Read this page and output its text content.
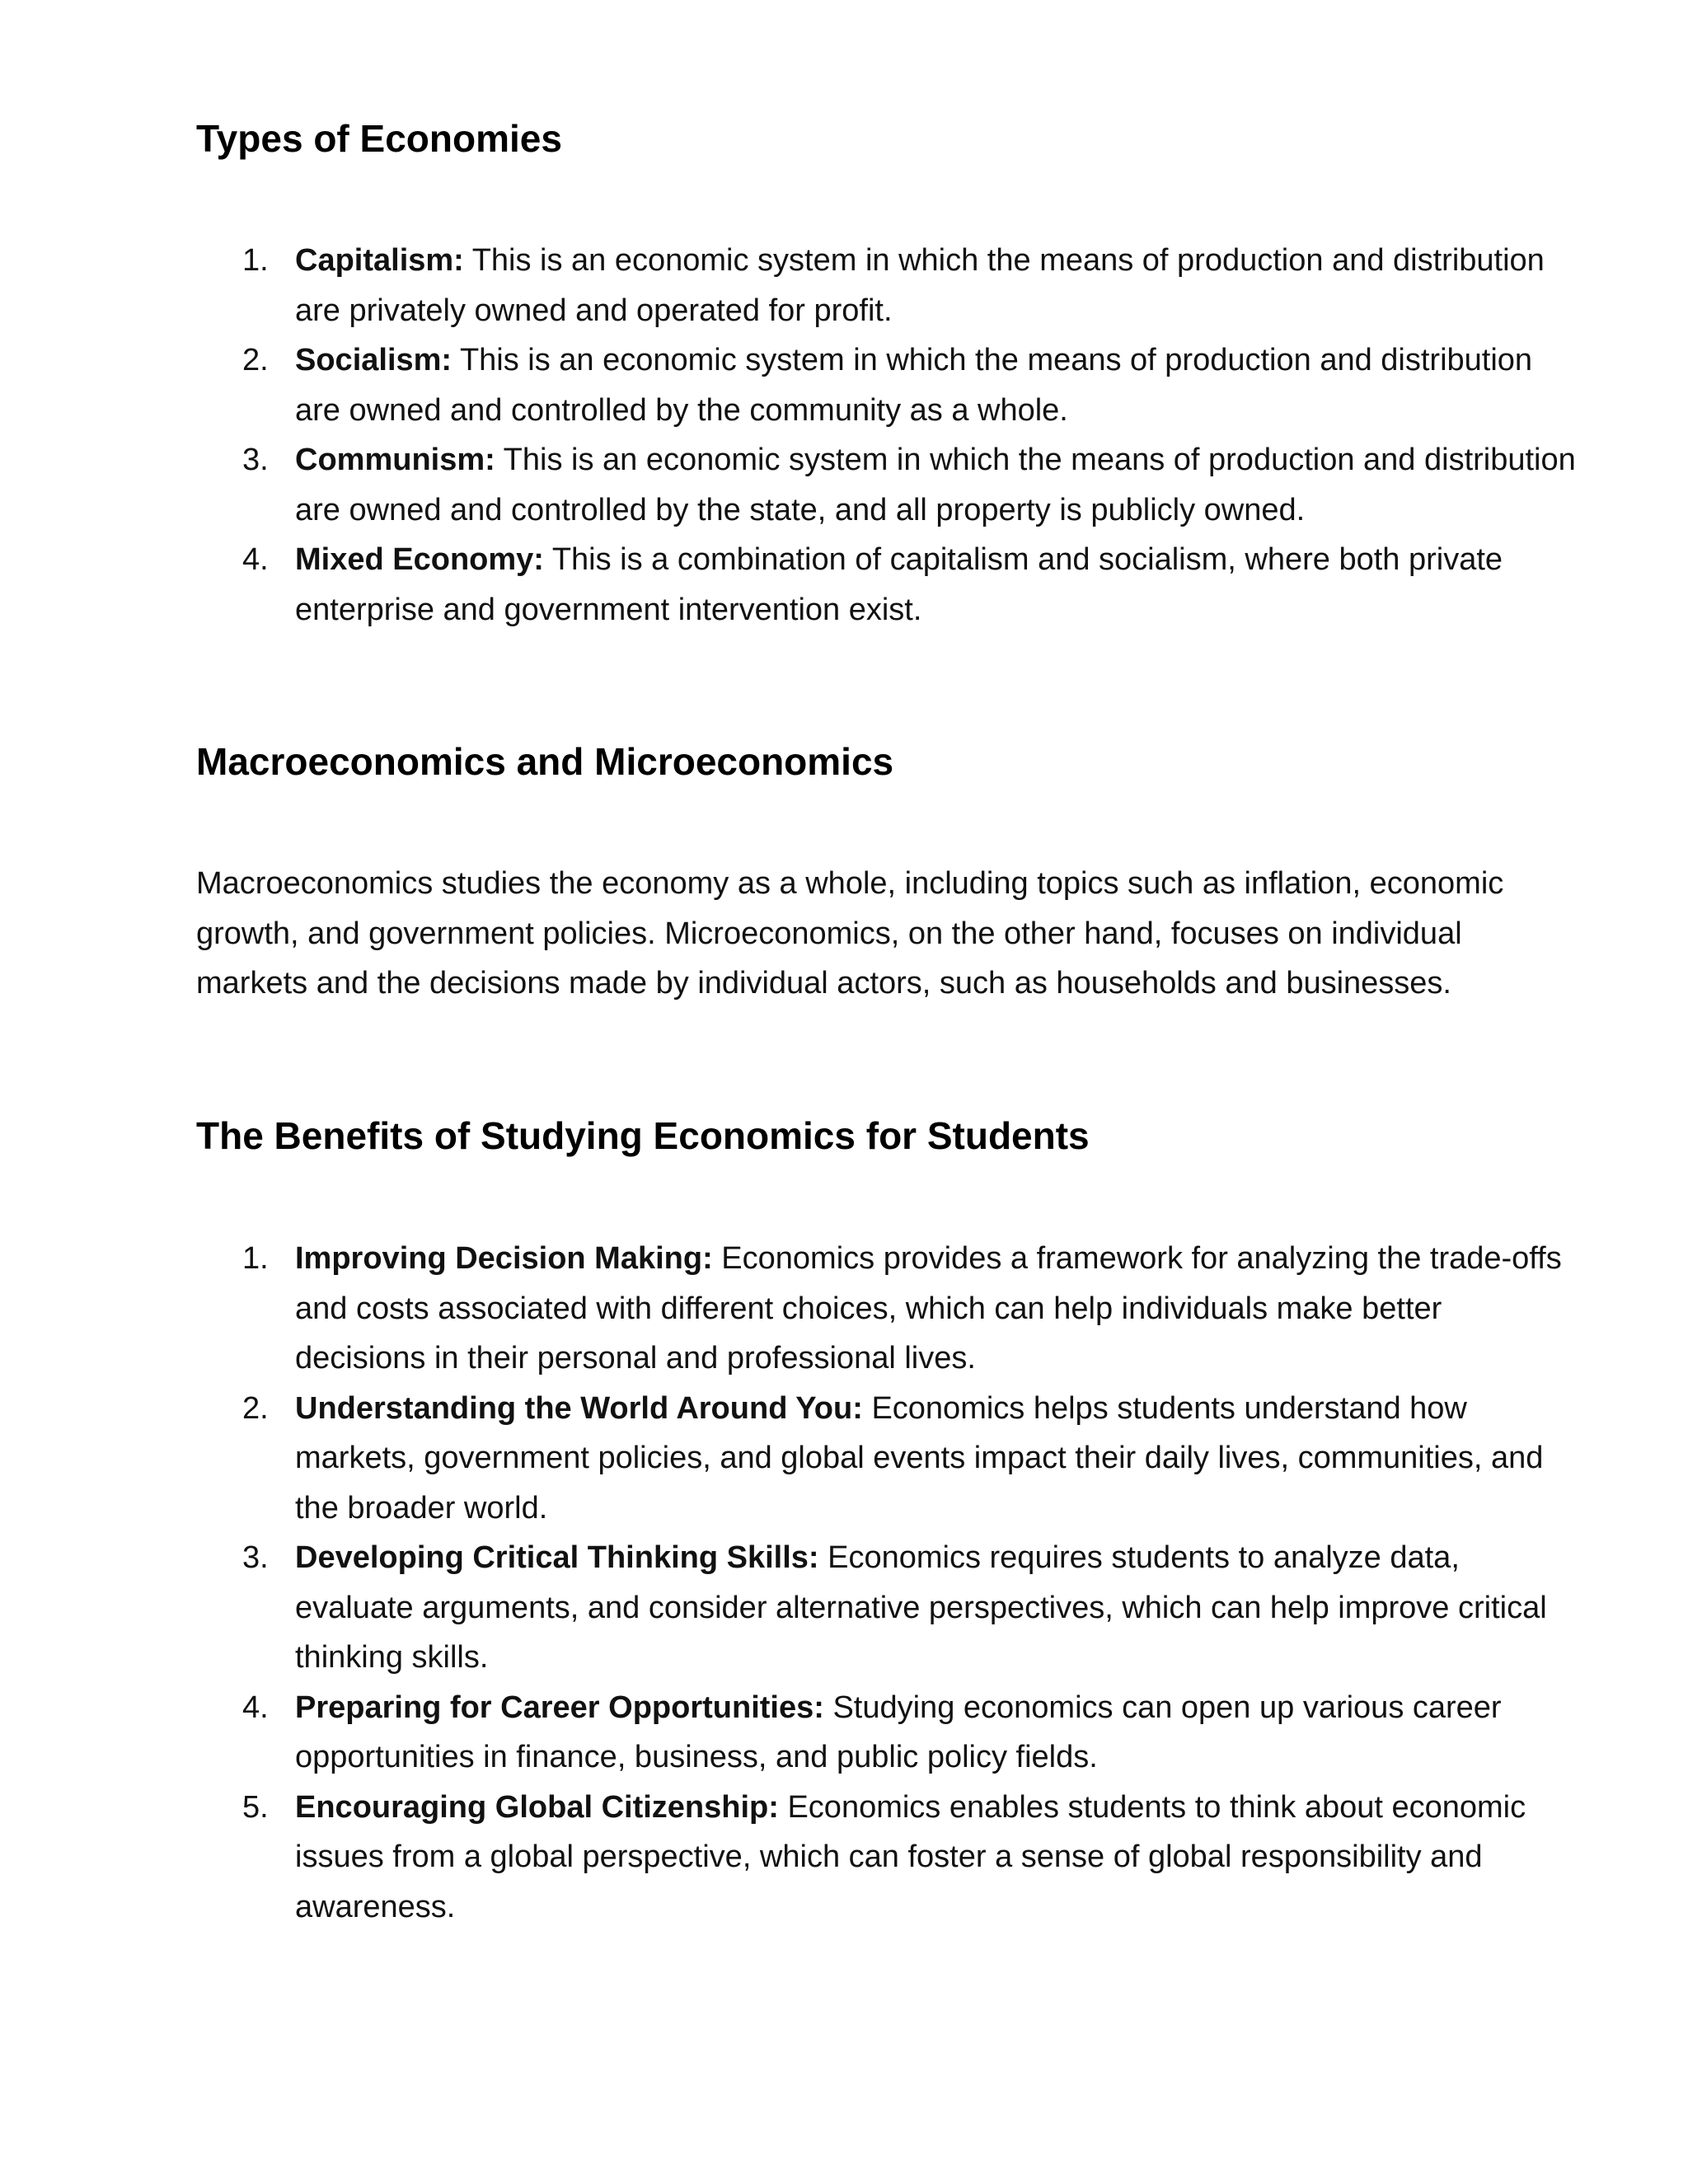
Types of Economies
1. Capitalism: This is an economic system in which the means of production and distribution are privately owned and operated for profit.
2. Socialism: This is an economic system in which the means of production and distribution are owned and controlled by the community as a whole.
3. Communism: This is an economic system in which the means of production and distribution are owned and controlled by the state, and all property is publicly owned.
4. Mixed Economy: This is a combination of capitalism and socialism, where both private enterprise and government intervention exist.
Macroeconomics and Microeconomics

Macroeconomics studies the economy as a whole, including topics such as inflation, economic growth, and government policies. Microeconomics, on the other hand, focuses on individual markets and the decisions made by individual actors, such as households and businesses.

The Benefits of Studying Economics for Students
1. Improving Decision Making: Economics provides a framework for analyzing the trade-offs and costs associated with different choices, which can help individuals make better decisions in their personal and professional lives.
2. Understanding the World Around You: Economics helps students understand how markets, government policies, and global events impact their daily lives, communities, and the broader world.
3. Developing Critical Thinking Skills: Economics requires students to analyze data, evaluate arguments, and consider alternative perspectives, which can help improve critical thinking skills.
4. Preparing for Career Opportunities: Studying economics can open up various career opportunities in finance, business, and public policy fields.
5. Encouraging Global Citizenship: Economics enables students to think about economic issues from a global perspective, which can foster a sense of global responsibility and awareness.
